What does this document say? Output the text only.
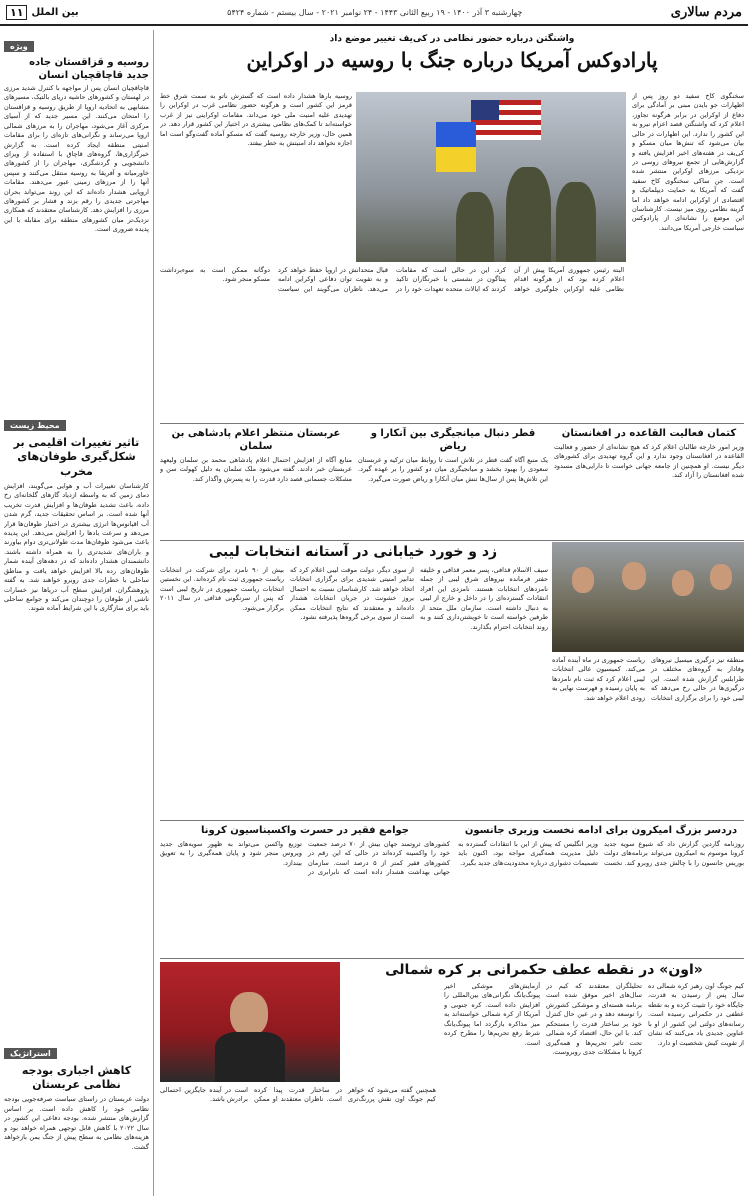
مردم سالاری
چهارشنبه ۳ آذر ۱۴۰۰ - ۱۹ ربیع الثانی ۱۴۴۳ - ۲۴ نوامبر ۲۰۲۱ - سال بیستم - شماره ۵۴۲۴
بین الملل
۱۱
ویژه
روسیه و قزاقستان جاده جدید قاچاقچیان انسان
قاچاقچیان انسان پس از مواجهه با کنترل شدید مرزی در لهستان و کشورهای حاشیه دریای بالتیک، مسیرهای مشابهی به اتحادیه اروپا از طریق روسیه و قزاقستان را امتحان می‌کنند. این مسیر جدید که از آسیای مرکزی آغاز می‌شود، مهاجران را به مرزهای شمالی اروپا می‌رساند و نگرانی‌های تازه‌ای را برای مقامات امنیتی منطقه ایجاد کرده است. به گزارش خبرگزاری‌ها، گروه‌های قاچاق با استفاده از ویزای دانشجویی و گردشگری، مهاجران را از کشورهای خاورمیانه و آفریقا به روسیه منتقل می‌کنند و سپس آنها را از مرزهای زمینی عبور می‌دهند. مقامات اروپایی هشدار داده‌اند که این روند می‌تواند بحران مهاجرتی جدیدی را رقم بزند و فشار بر کشورهای مرزی را افزایش دهد. کارشناسان معتقدند که همکاری نزدیک‌تر میان کشورهای منطقه برای مقابله با این پدیده ضروری است.
محیط زیست
تاثیر تغییرات اقلیمی بر شکل‌گیری طوفان‌های مخرب
کارشناسان تغییرات آب و هوایی می‌گویند، افزایش دمای زمین که به واسطه ازدیاد گازهای گلخانه‌ای رخ داده، باعث تشدید طوفان‌ها و افزایش قدرت تخریب آنها شده است. بر اساس تحقیقات جدید، گرم شدن آب اقیانوس‌ها انرژی بیشتری در اختیار طوفان‌ها قرار می‌دهد و سرعت بادها را افزایش می‌دهد. این پدیده باعث می‌شود طوفان‌ها مدت طولانی‌تری دوام بیاورند و باران‌های شدیدتری را به همراه داشته باشند. دانشمندان هشدار داده‌اند که در دهه‌های آینده شمار طوفان‌های رده بالا افزایش خواهد یافت و مناطق ساحلی با خطرات جدی روبرو خواهند شد. به گفته پژوهشگران، افزایش سطح آب دریاها نیز خسارات ناشی از طوفان را دوچندان می‌کند و جوامع ساحلی باید برای سازگاری با این شرایط آماده شوند.
استراتژیک
کاهش اجباری بودجه نظامی عربستان
دولت عربستان در راستای سیاست صرفه‌جویی بودجه نظامی خود را کاهش داده است. بر اساس گزارش‌های منتشر شده، بودجه دفاعی این کشور در سال ۲۰۲۲ با کاهش قابل توجهی همراه خواهد بود و هزینه‌های نظامی به سطح پیش از جنگ یمن بازخواهد گشت.
واشنگتن درباره حضور نظامی در کی‌یف تغییر موضع داد
پارادوکس آمریکا درباره جنگ با روسیه در اوکراین
سخنگوی کاخ سفید دو روز پس از اظهارات جو بایدن مبنی بر آمادگی برای دفاع از اوکراین در برابر هرگونه تجاوز، اعلام کرد که واشنگتن قصد اعزام نیرو به این کشور را ندارد. این اظهارات در حالی بیان می‌شود که تنش‌ها میان مسکو و کی‌یف در هفته‌های اخیر افزایش یافته و گزارش‌هایی از تجمع نیروهای روسی در نزدیکی مرزهای اوکراین منتشر شده است. جن ساکی سخنگوی کاخ سفید گفت که آمریکا به حمایت دیپلماتیک و اقتصادی از اوکراین ادامه خواهد داد اما گزینه نظامی روی میز نیست. کارشناسان این موضع را نشانه‌ای از پارادوکس سیاست خارجی آمریکا می‌دانند.
روسیه بارها هشدار داده است که گسترش ناتو به سمت شرق خط قرمز این کشور است و هرگونه حضور نظامی غرب در اوکراین را تهدیدی علیه امنیت ملی خود می‌داند. مقامات اوکراینی نیز از غرب خواسته‌اند تا کمک‌های نظامی بیشتری در اختیار این کشور قرار دهد. در همین حال، وزیر خارجه روسیه گفت که مسکو آماده گفت‌وگو است اما اجازه نخواهد داد امنیتش به خطر بیفتد.
البته رئیس جمهوری آمریکا پیش از آن اعلام کرده بود که از هرگونه اقدام نظامی علیه اوکراین جلوگیری خواهد کرد. این در حالی است که مقامات پنتاگون در نشستی با خبرنگاران تاکید کردند که ایالات متحده تعهدات خود را در قبال متحدانش در اروپا حفظ خواهد کرد و به تقویت توان دفاعی اوکراین ادامه می‌دهد. ناظران می‌گویند این سیاست دوگانه ممکن است به سوء‌برداشت مسکو منجر شود.
کتمان فعالیت القاعده در افغانستان
وزیر امور خارجه طالبان اعلام کرد که هیچ نشانه‌ای از حضور و فعالیت القاعده در افغانستان وجود ندارد و این گروه تهدیدی برای کشورهای دیگر نیست. او همچنین از جامعه جهانی خواست تا دارایی‌های مسدود شده افغانستان را آزاد کند.
قطر دنبال میانجیگری بین آنکارا و ریاض
یک منبع آگاه گفت قطر در تلاش است تا روابط میان ترکیه و عربستان سعودی را بهبود بخشد و میانجیگری میان دو کشور را بر عهده گیرد. این تلاش‌ها پس از سال‌ها تنش میان آنکارا و ریاض صورت می‌گیرد.
عربستان منتظر اعلام پادشاهی بن سلمان
منابع آگاه از افزایش احتمال اعلام پادشاهی محمد بن سلمان ولیعهد عربستان خبر دادند. گفته می‌شود ملک سلمان به دلیل کهولت سن و مشکلات جسمانی قصد دارد قدرت را به پسرش واگذار کند.
زد و خورد خیابانی در آستانه انتخابات لیبی
منطقه نیز درگیری میسیل نیروهای وفادار به گروه‌های مختلف در طرابلس گزارش شده است. این درگیری‌ها در حالی رخ می‌دهد که لیبی خود را برای برگزاری انتخابات ریاست جمهوری در ماه آینده آماده می‌کند. کمیسیون عالی انتخابات لیبی اعلام کرد که ثبت نام نامزدها به پایان رسیده و فهرست نهایی به زودی اعلام خواهد شد.
سیف الاسلام قذافی، پسر معمر قذافی و خلیفه حفتر فرمانده نیروهای شرق لیبی از جمله نامزدهای انتخابات هستند. نامزدی این افراد انتقادات گسترده‌ای را در داخل و خارج از لیبی به دنبال داشته است. سازمان ملل متحد از طرفین خواسته است تا خویشتن‌داری کنند و به روند انتخابات احترام بگذارند.
از سوی دیگر، دولت موقت لیبی اعلام کرد که تدابیر امنیتی شدیدی برای برگزاری انتخابات اتخاذ خواهد شد. کارشناسان نسبت به احتمال بروز خشونت در جریان انتخابات هشدار داده‌اند و معتقدند که نتایج انتخابات ممکن است از سوی برخی گروه‌ها پذیرفته نشود.
بیش از ۹۰ نامزد برای شرکت در انتخابات ریاست جمهوری ثبت نام کرده‌اند. این نخستین انتخابات ریاست جمهوری در تاریخ لیبی است که پس از سرنگونی قذافی در سال ۲۰۱۱ برگزار می‌شود.
دردسر بزرگ امیکرون برای ادامه نخست وزیری جانسون
روزنامه گاردین گزارش داد که شیوع سویه جدید کرونا موسوم به امیکرون می‌تواند برنامه‌های دولت بوریس جانسون را با چالش جدی روبرو کند. نخست وزیر انگلیس که پیش از این با انتقادات گسترده به دلیل مدیریت همه‌گیری مواجه بود، اکنون باید تصمیمات دشواری درباره محدودیت‌های جدید بگیرد.
جوامع فقیر در حسرت واکسیناسیون کرونا
کشورهای ثروتمند جهان بیش از ۷۰ درصد جمعیت خود را واکسینه کرده‌اند در حالی که این رقم در کشورهای فقیر کمتر از ۵ درصد است. سازمان جهانی بهداشت هشدار داده است که نابرابری در توزیع واکسن می‌تواند به ظهور سویه‌های جدید ویروس منجر شود و پایان همه‌گیری را به تعویق بیندازد.
«اون» در نقطه عطف حکمرانی بر کره شمالی
کیم جونگ اون رهبر کره شمالی ده سال پس از رسیدن به قدرت، جایگاه خود را تثبیت کرده و به نقطه عطفی در حکمرانی رسیده است. رسانه‌های دولتی این کشور از او با عناوین جدیدی یاد می‌کنند که نشان از تقویت کیش شخصیت او دارد.
تحلیلگران معتقدند که کیم در سال‌های اخیر موفق شده است برنامه هسته‌ای و موشکی کشورش را توسعه دهد و در عین حال کنترل خود بر ساختار قدرت را مستحکم کند. با این حال، اقتصاد کره شمالی تحت تاثیر تحریم‌ها و همه‌گیری کرونا با مشکلات جدی روبروست.
آزمایش‌های موشکی اخیر پیونگ‌یانگ نگرانی‌های بین‌المللی را افزایش داده است. کره جنوبی و آمریکا از کره شمالی خواسته‌اند به میز مذاکره بازگردد اما پیونگ‌یانگ شرط رفع تحریم‌ها را مطرح کرده است.
همچنین گفته می‌شود که خواهر کیم جونگ اون نقش پررنگ‌تری در ساختار قدرت پیدا کرده است. ناظران معتقدند او ممکن است در آینده جایگزین احتمالی برادرش باشد.
